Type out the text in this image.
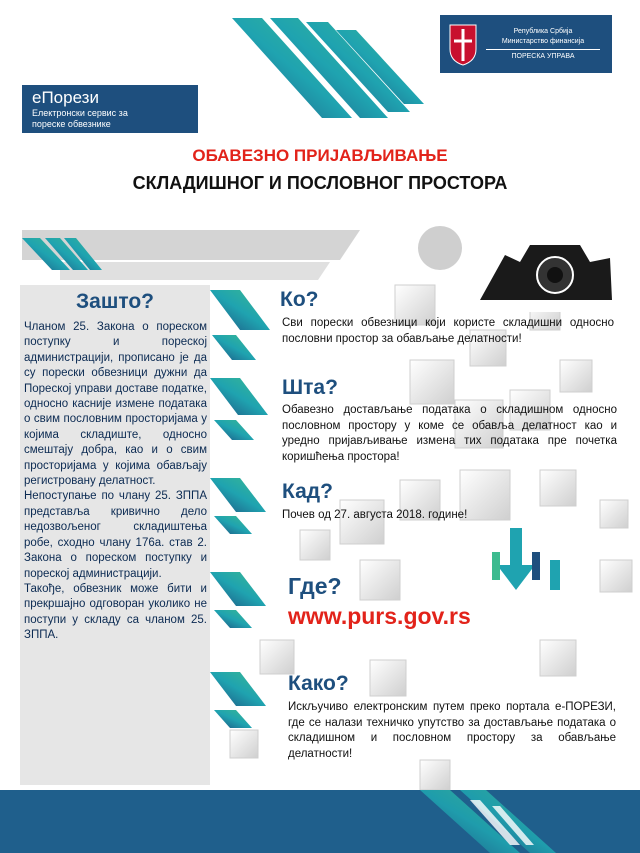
еПорези
Електронски сервис за
пореске обвезнике
Република Србија
Министарство финансија
ПОРЕСКА УПРАВА
ОБАВЕЗНО ПРИЈАВЉИВАЊЕ
СКЛАДИШНОГ И ПОСЛОВНОГ ПРОСТОРА
Зашто?

Чланом 25. Закона о пореском поступку и пореској администрацији, прописано је да су порески обвезници дужни да Пореској управи доставе податке, односно касније измене података о свим пословним просторијама у којима складиште, односно смештају добра, као и о свим просторијама у којима обављају регистровану делатност.

Непоступање по члану 25. ЗППА представља кривично дело недозвољеног складиштења робе, сходно члану 176а. став 2. Закона о пореском поступку и пореској администрацији.

Такође, обвезник може бити и прекршајно одговоран уколико не поступи у складу са чланом 25. ЗППА.

Ко?
Сви порески обвезници који користе складишни односно пословни простор за обављање делатности!
Шта?
Обавезно достављање података о складишном односно пословном простору у коме се обавља делатност као и уредно пријављивање измена тих података пре почетка коришћења простора!
Кад?
Почев од 27. августа 2018. године!
Где?
www.purs.gov.rs
Како?
Искључиво електронским путем преко портала е-ПОРЕЗИ, где се налази техничко упутство за достављање података о складишном и пословном простору за обављање делатности!
